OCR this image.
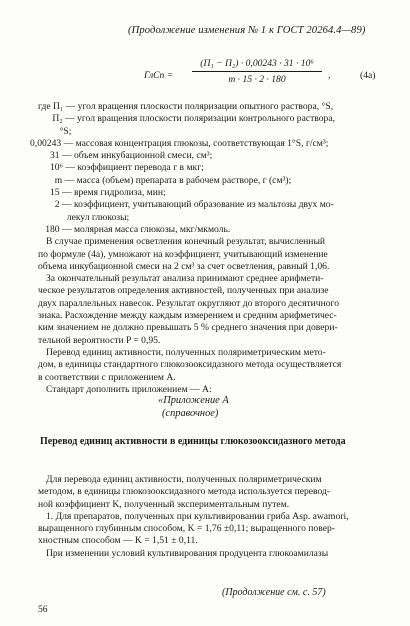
(Продолжение изменения № 1 к ГОСТ 20264.4—89)
ГлСп =
(П₁ − П₂) · 0,00243 · 31 · 10⁶
m · 15 · 2 · 180	,	(4а)
где П₁ — угол вращения плоскости поляризации опытного раствора, °S,
П₂ — угол вращения плоскости поляризации контрольного раствора,
°S;
0,00243 — массовая концентрация глюкозы, соответствующая 1°S, г/см³;
31 — объем инкубационной смеси, см³;
10⁶ — коэффициент перевода г в мкг;
m — масса (объем) препарата в рабочем растворе, г (см³);
15 — время гидролиза, мин;
2 — коэффициент, учитывающий образование из мальтозы двух мо-
лекул глюкозы;
180 — молярная масса глюкозы, мкг/мкмоль.
В случае применения осветления конечный результат, вычисленный
по формуле (4а), умножают на коэффициент, учитывающий изменение
объема инкубационной смеси на 2 см³ за счет осветления, равный 1,06.
За окончательный результат анализа принимают среднее арифмети-
ческое результатов определения активностей, полученных при анализе
двух параллельных навесок. Результат округляют до второго десятичного
знака. Расхождение между каждым измерением и средним арифметичес-
ким значением не должно превышать 5 % среднего значения при довери-
тельной вероятности P = 0,95.
Перевод единиц активности, полученных поляриметрическим мето-
дом, в единицы стандартного глюкозооксидазного метода осуществляется
в соответствии с приложением А.
Стандарт дополнить приложением — А:
«Приложение А
(справочное)
Перевод единиц активности в единицы глюкозооксидазного метода
Для перевода единиц активности, полученных поляриметрическим
методом, в единицы глюкозооксидазного метода используется перевод-
ной коэффициент K, полученный экспериментальным путем.
1. Для препаратов, полученных при культивировании гриба Asp. awamori,
выращенного глубинным способом, K = 1,76 ±0,11; выращенного повер-
хностным способом — K = 1,51 ± 0,11.
При изменении условий культивирования продуцента глюкоамилазы
(Продолжение см. с. 57)
56
